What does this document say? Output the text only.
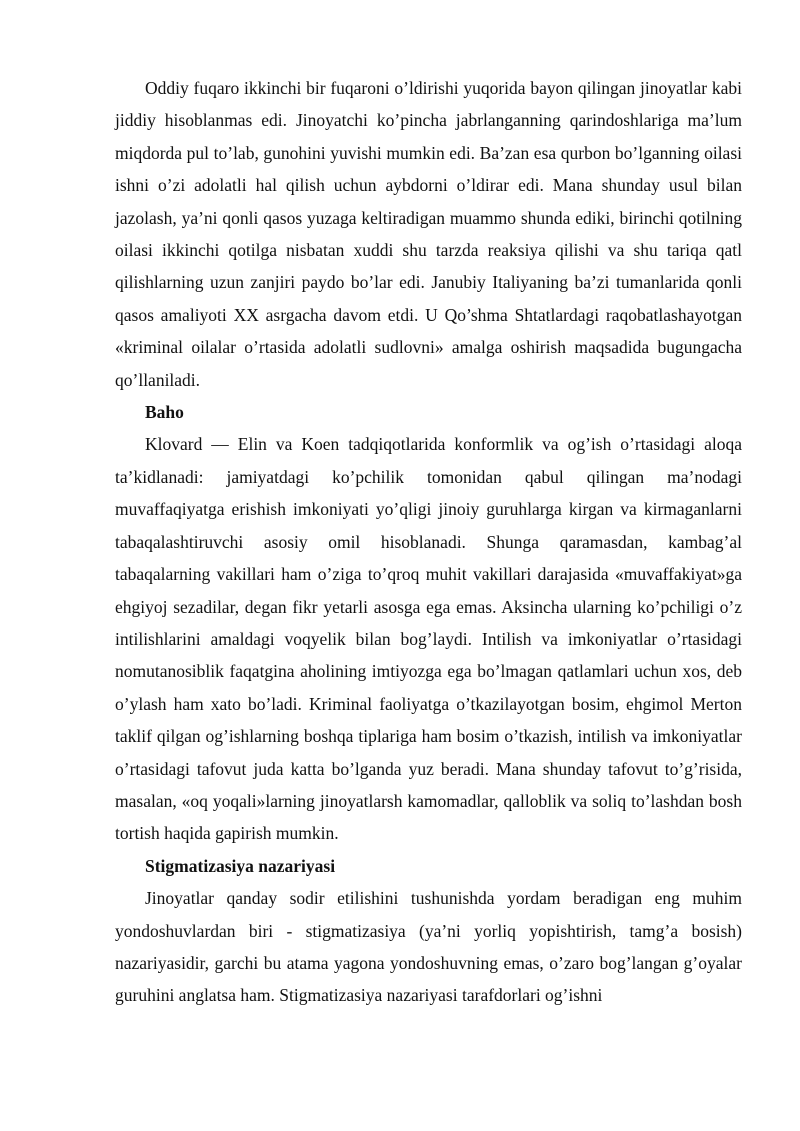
Oddiy fuqaro ikkinchi bir fuqaroni o’ldirishi yuqorida bayon qilingan jinoyatlar kabi jiddiy hisoblanmas edi. Jinoyatchi ko’pincha jabrlanganning qarindoshlariga ma’lum miqdorda pul to’lab, gunohini yuvishi mumkin edi. Ba’zan esa qurbon bo’lganning oilasi ishni o’zi adolatli hal qilish uchun aybdorni o’ldirar edi. Mana shunday usul bilan jazolash, ya’ni qonli qasos yuzaga keltiradigan muammo shunda ediki, birinchi qotilning oilasi ikkinchi qotilga nisbatan xuddi shu tarzda reaksiya qilishi va shu tariqa qatl qilishlarning uzun zanjiri paydo bo’lar edi. Janubiy Italiyaning ba’zi tumanlarida qonli qasos amaliyoti XX asrgacha davom etdi. U Qo’shma Shtatlardagi raqobatlashayotgan «kriminal oilalar o’rtasida adolatli sudlovni» amalga oshirish maqsadida bugungacha qo’llaniladi.

Baho

Klovard — Elin va Koen tadqiqotlarida konformlik va og’ish o’rtasidagi aloqa ta’kidlanadi: jamiyatdagi ko’pchilik tomonidan qabul qilingan ma’nodagi muvaffaqiyatga erishish imkoniyati yo’qligi jinoiy guruhlarga kirgan va kirmaganlarni tabaqalashtiruvchi asosiy omil hisoblanadi. Shunga qaramasdan, kambag’al tabaqalarning vakillari ham o’ziga to’qroq muhit vakillari darajasida «muvaffakiyat»ga ehgiyoj sezadilar, degan fikr yetarli asosga ega emas. Aksincha ularning ko’pchiligi o’z intilishlarini amaldagi voqyelik bilan bog’laydi. Intilish va imkoniyatlar o’rtasidagi nomutanosiblik faqatgina aholining imtiyozga ega bo’lmagan qatlamlari uchun xos, deb o’ylash ham xato bo’ladi. Kriminal faoliyatga o’tkazilayotgan bosim, ehgimol Merton taklif qilgan og’ishlarning boshqa tiplariga ham bosim o’tkazish, intilish va imkoniyatlar o’rtasidagi tafovut juda katta bo’lganda yuz beradi. Mana shunday tafovut to’g’risida, masalan, «oq yoqali»larning jinoyatlarsh kamomadlar, qalloblik va soliq to’lashdan bosh tortish haqida gapirish mumkin.

Stigmatizasiya nazariyasi

Jinoyatlar qanday sodir etilishini tushunishda yordam beradigan eng muhim yondoshuvlardan biri - stigmatizasiya (ya’ni yorliq yopishtirish, tamg’a bosish) nazariyasidir, garchi bu atama yagona yondoshuvning emas, o’zaro bog’langan g’oyalar guruhini anglatsa ham. Stigmatizasiya nazariyasi tarafdorlari og’ishni
